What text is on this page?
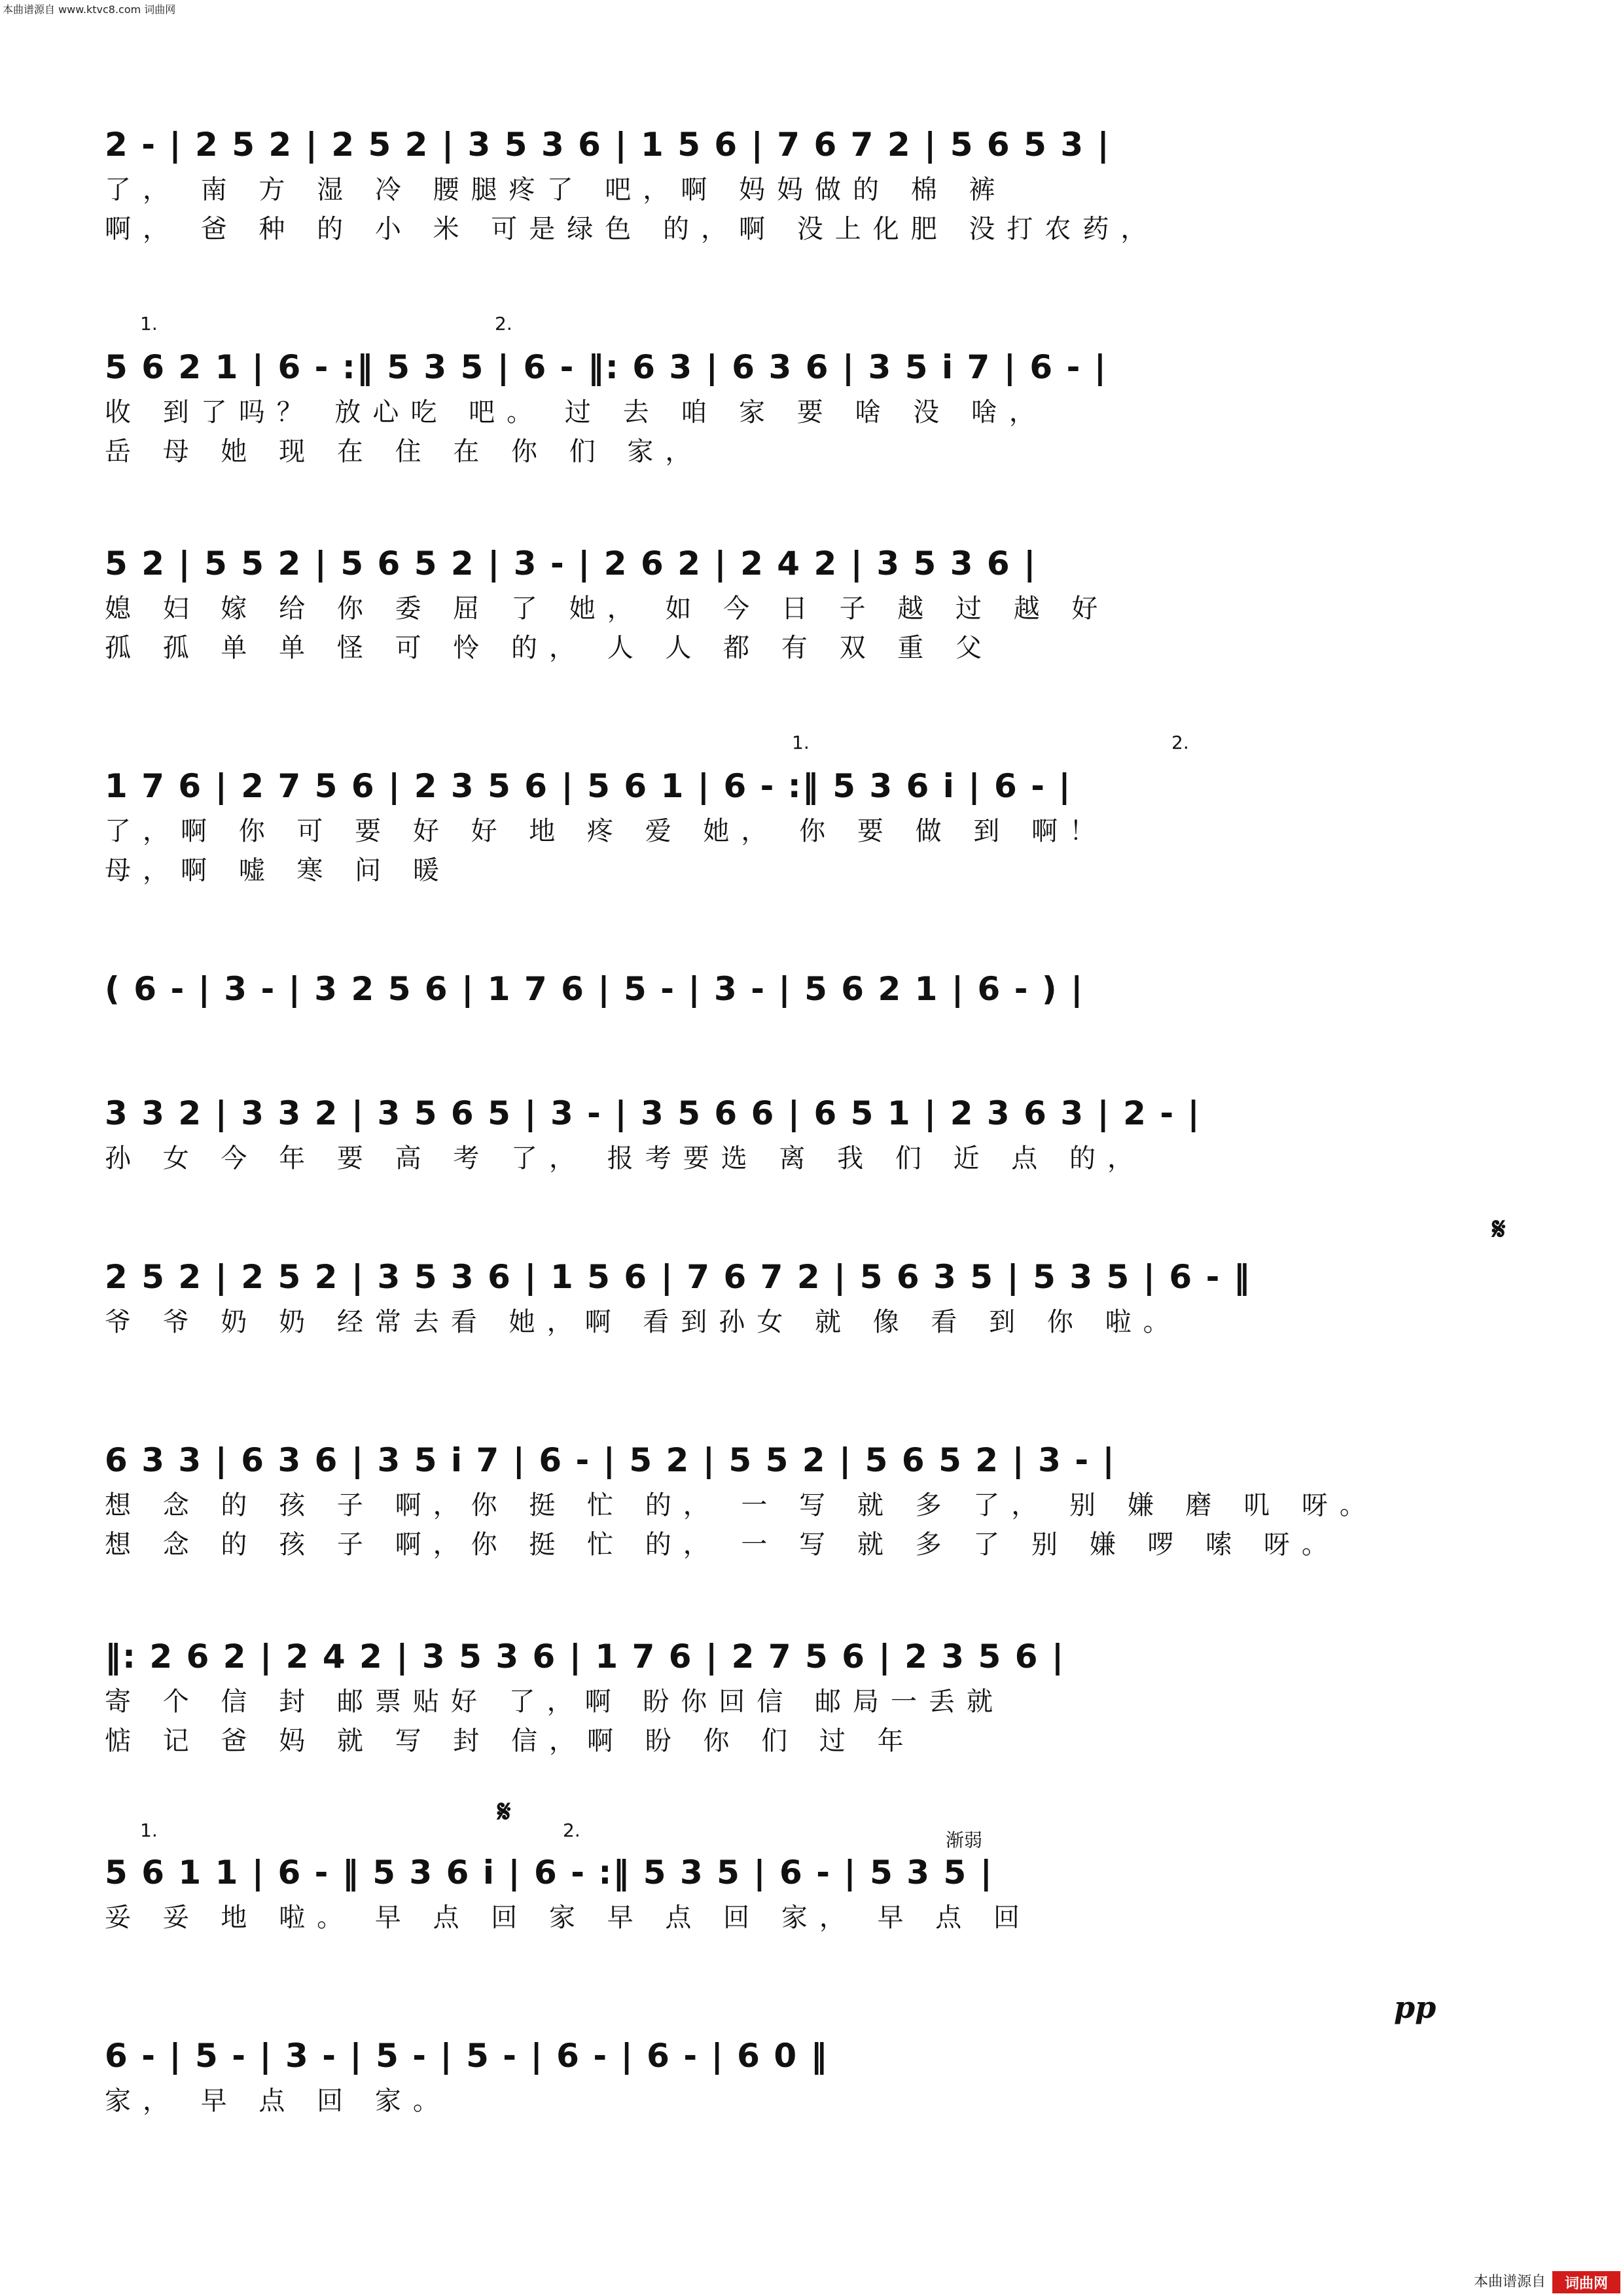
本曲谱源自 www.ktvc8.com 词曲网
2 - | 2 5 2 | 2 5 2 | 3 5 3 6 | 1 5 6 | 7 6 7 2 | 5 6 5 3 |
了， 南 方 湿 冷 腰腿疼了 吧，啊 妈妈做的 棉 裤
啊， 爸 种 的 小 米 可是绿色 的，啊 没上化肥 没打农药，
5 6 2 1 | 6 - :‖ 5 3 5 | 6 - ‖: 6 3 | 6 3 6 | 3 5 i 7 | 6 - |
收 到了吗？ 放心吃 吧。 过 去 咱 家 要 啥 没 啥，
岳 母 她 现 在 住 在 你 们 家，
5 2 | 5 5 2 | 5 6 5 2 | 3 - | 2 6 2 | 2 4 2 | 3 5 3 6 |
媳 妇 嫁 给 你 委 屈 了 她， 如 今 日 子 越 过 越 好
孤 孤 单 单 怪 可 怜 的， 人 人 都 有 双 重 父
1 7 6 | 2 7 5 6 | 2 3 5 6 | 5 6 1 | 6 - :‖ 5 3 6 i | 6 - |
了，啊 你 可 要 好 好 地 疼 爱 她， 你 要 做 到 啊！
母，啊 嘘 寒 问 暖
( 6 - | 3 - | 3 2 5 6 | 1 7 6 | 5 - | 3 - | 5 6 2 1 | 6 - ) |
3 3 2 | 3 3 2 | 3 5 6 5 | 3 - | 3 5 6 6 | 6 5 1 | 2 3 6 3 | 2 - |
孙 女 今 年 要 高 考 了， 报考要选 离 我 们 近 点 的，
2 5 2 | 2 5 2 | 3 5 3 6 | 1 5 6 | 7 6 7 2 | 5 6 3 5 | 5 3 5 | 6 - ‖
爷 爷 奶 奶 经常去看 她，啊 看到孙女 就 像 看 到 你 啦。
6 3 3 | 6 3 6 | 3 5 i 7 | 6 - | 5 2 | 5 5 2 | 5 6 5 2 | 3 - |
想 念 的 孩 子 啊，你 挺 忙 的， 一 写 就 多 了， 别 嫌 磨 叽 呀。
想 念 的 孩 子 啊，你 挺 忙 的， 一 写 就 多 了 别 嫌 啰 嗦 呀。
‖: 2 6 2 | 2 4 2 | 3 5 3 6 | 1 7 6 | 2 7 5 6 | 2 3 5 6 |
寄 个 信 封 邮票贴好 了，啊 盼你回信 邮局一丢就
惦 记 爸 妈 就 写 封 信，啊 盼 你 们 过 年
5 6 1 1 | 6 - ‖ 5 3 6 i | 6 - :‖ 5 3 5 | 6 - | 5 3 5 |
妥 妥 地 啦。 早 点 回 家 早 点 回 家， 早 点 回
6 - | 5 - | 3 - | 5 - | 5 - | 6 - | 6 - | 6 0 ‖
家， 早 点 回 家。
本曲谱源自	词曲网
1.	2.
1.	2.
1.	2.
𝄋
𝄋
渐弱
pp
